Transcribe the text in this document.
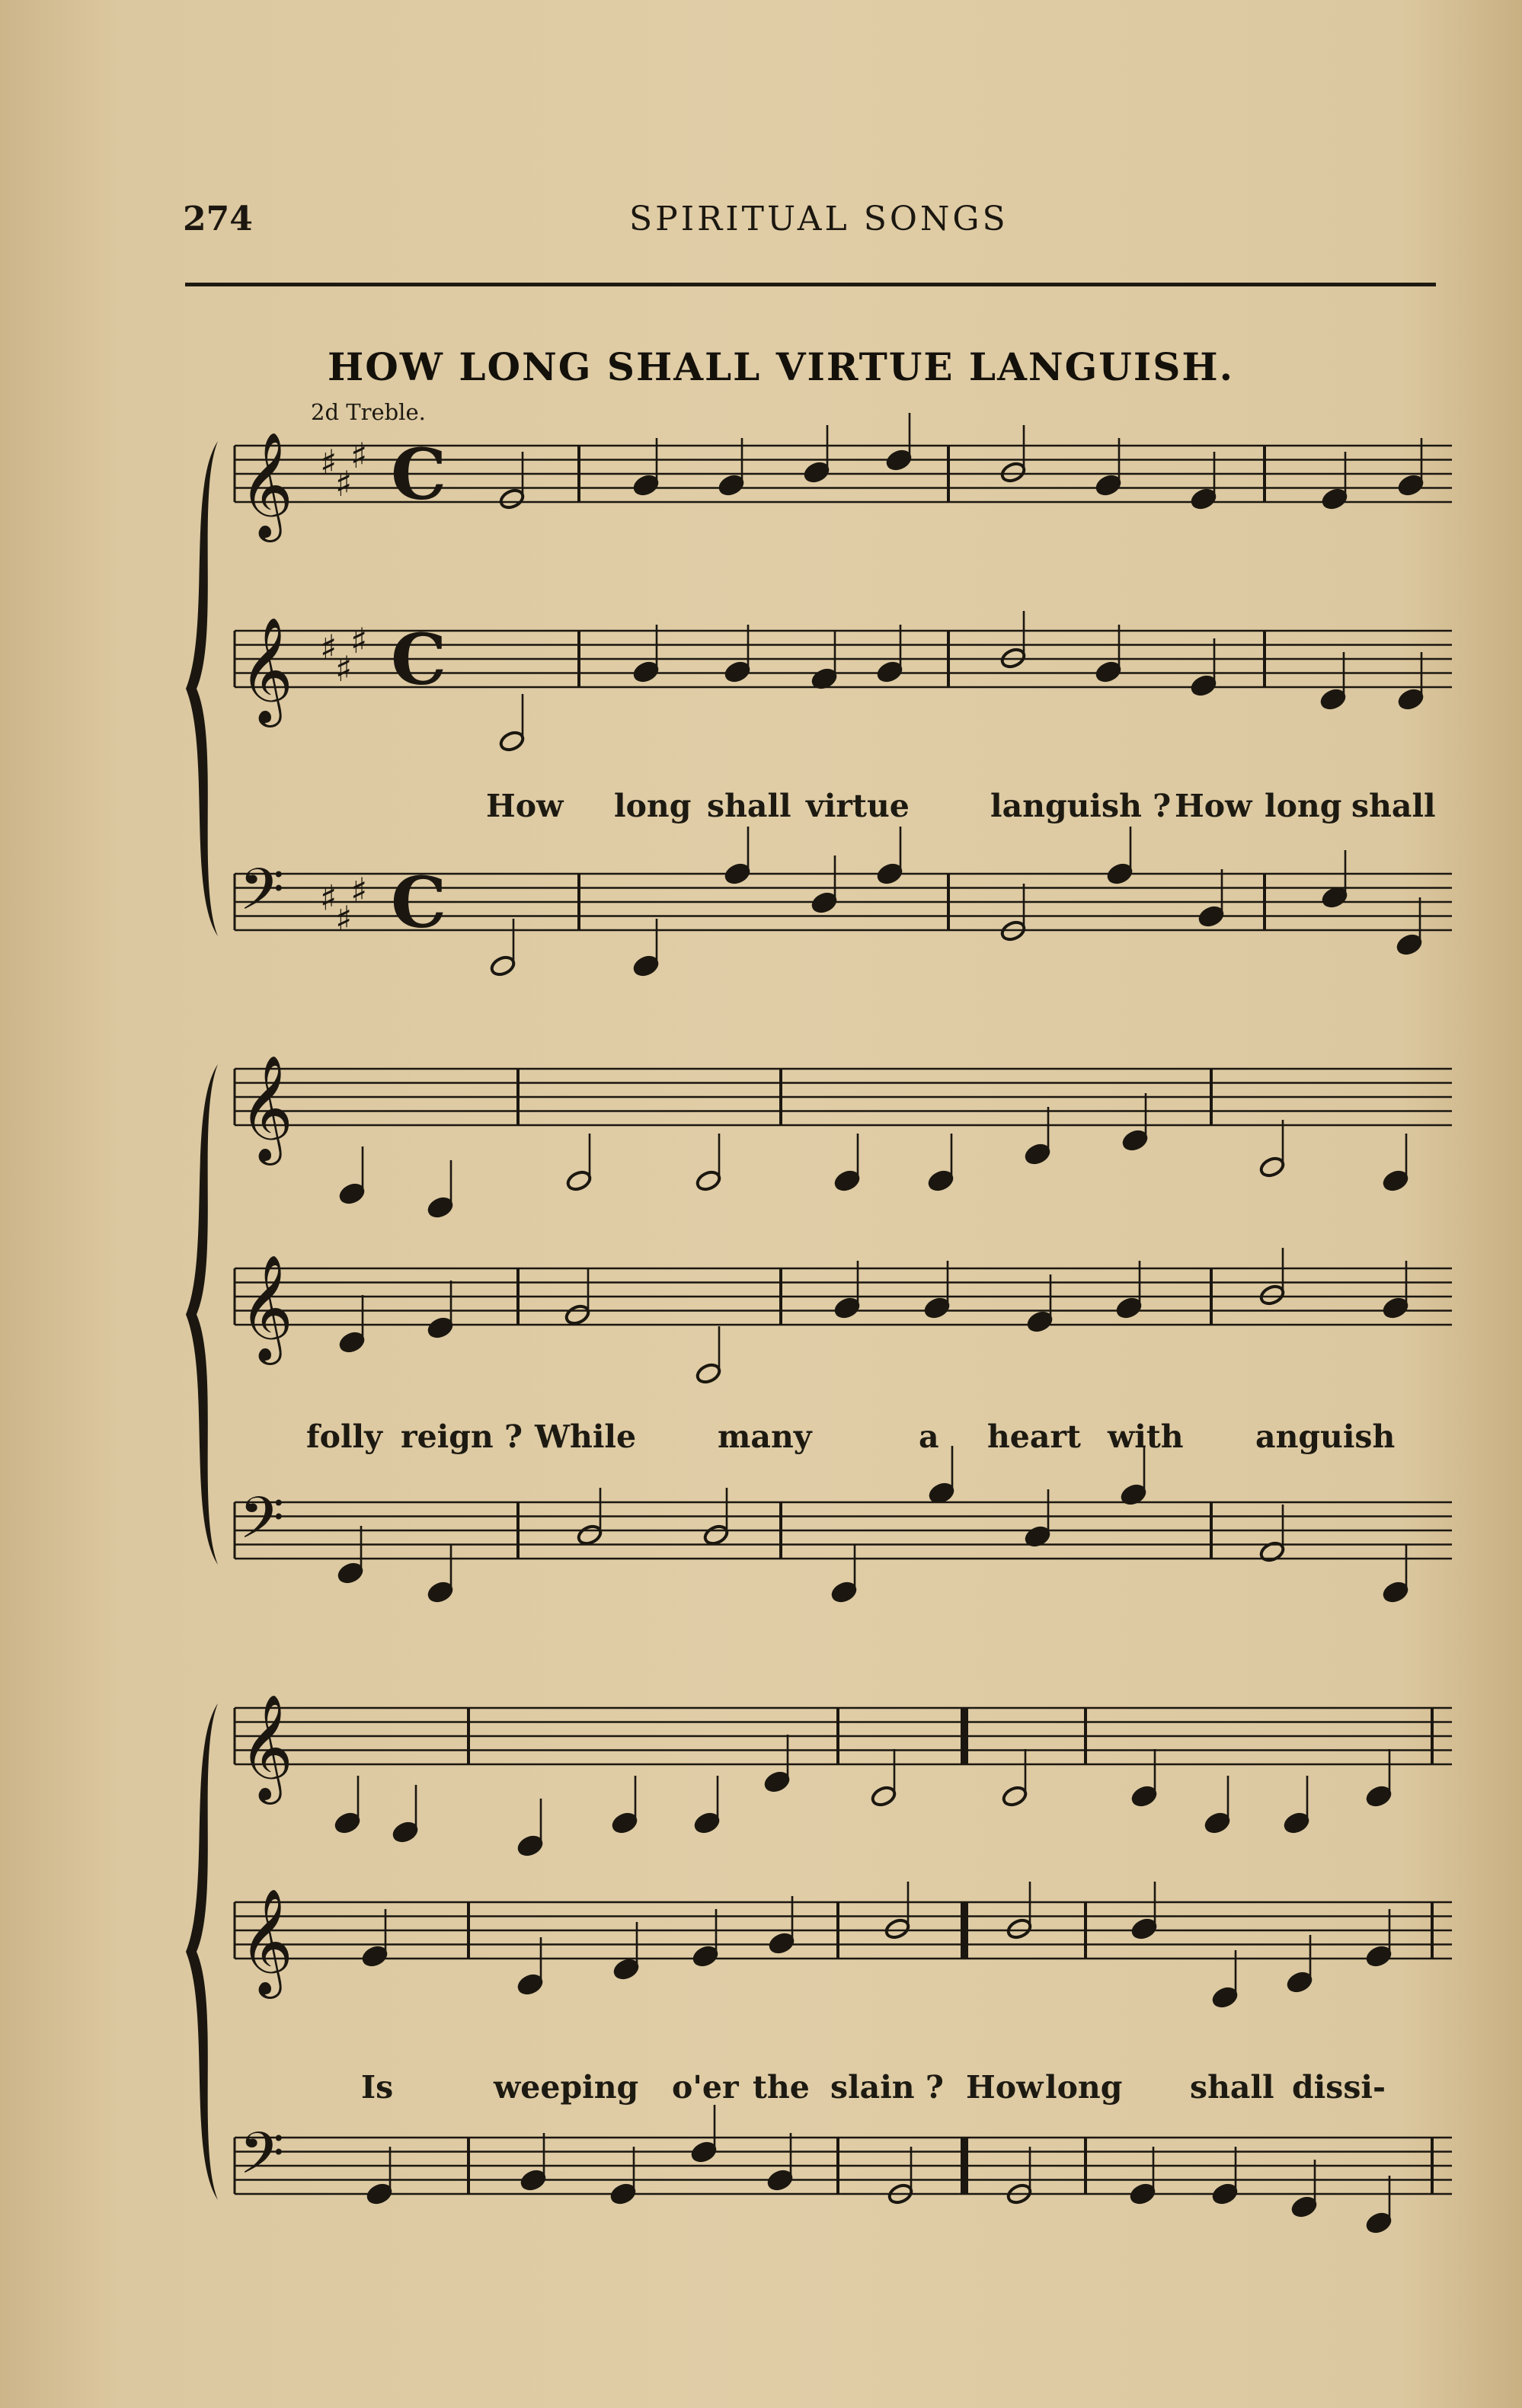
274	SPIRITUAL SONGS
HOW LONG SHALL VIRTUE LANGUISH.
2d Treble.
How long shall virtue	languish ? How long shall
folly reign ? While	many	a heart with anguish
Is	weeping o'er the slain ? How long shall dissi-
𝄞 ♯
♯
♯ C
𝄞 ♯
♯
♯ C
𝄢 ♯
♯
♯ C
𝄞
𝄞
𝄢
𝄞
𝄞
𝄢
